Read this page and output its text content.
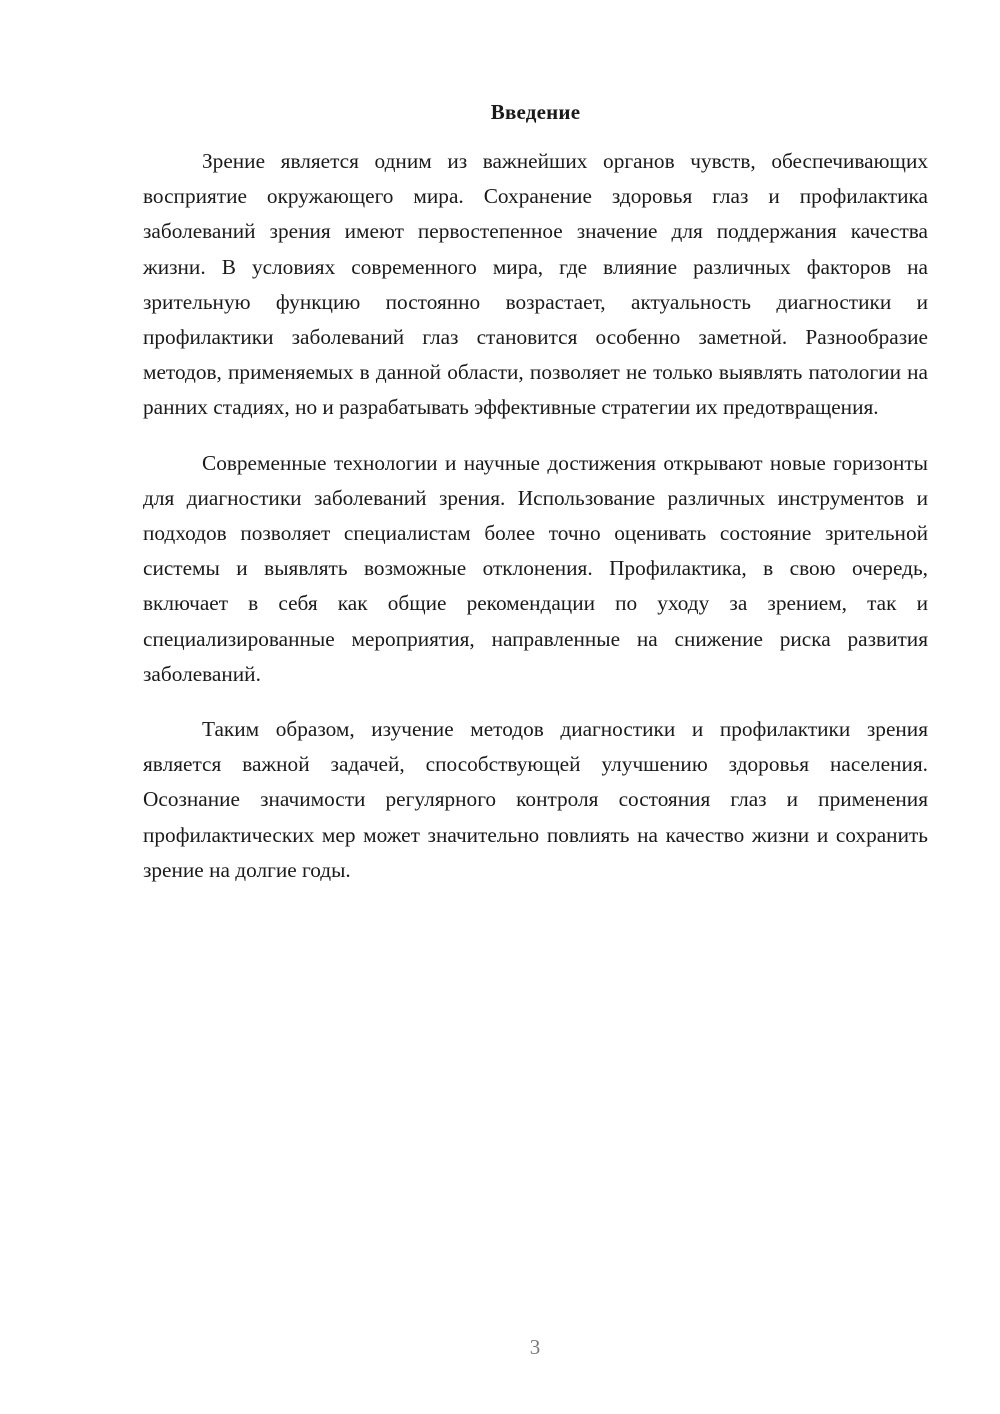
Введение

Зрение является одним из важнейших органов чувств, обеспечивающих восприятие окружающего мира. Сохранение здоровья глаз и профилактика заболеваний зрения имеют первостепенное значение для поддержания качества жизни. В условиях современного мира, где влияние различных факторов на зрительную функцию постоянно возрастает, актуальность диагностики и профилактики заболеваний глаз становится особенно заметной. Разнообразие методов, применяемых в данной области, позволяет не только выявлять патологии на ранних стадиях, но и разрабатывать эффективные стратегии их предотвращения.

Современные технологии и научные достижения открывают новые горизонты для диагностики заболеваний зрения. Использование различных инструментов и подходов позволяет специалистам более точно оценивать состояние зрительной системы и выявлять возможные отклонения. Профилактика, в свою очередь, включает в себя как общие рекомендации по уходу за зрением, так и специализированные мероприятия, направленные на снижение риска развития заболеваний.

Таким образом, изучение методов диагностики и профилактики зрения является важной задачей, способствующей улучшению здоровья населения. Осознание значимости регулярного контроля состояния глаз и применения профилактических мер может значительно повлиять на качество жизни и сохранить зрение на долгие годы.

3
